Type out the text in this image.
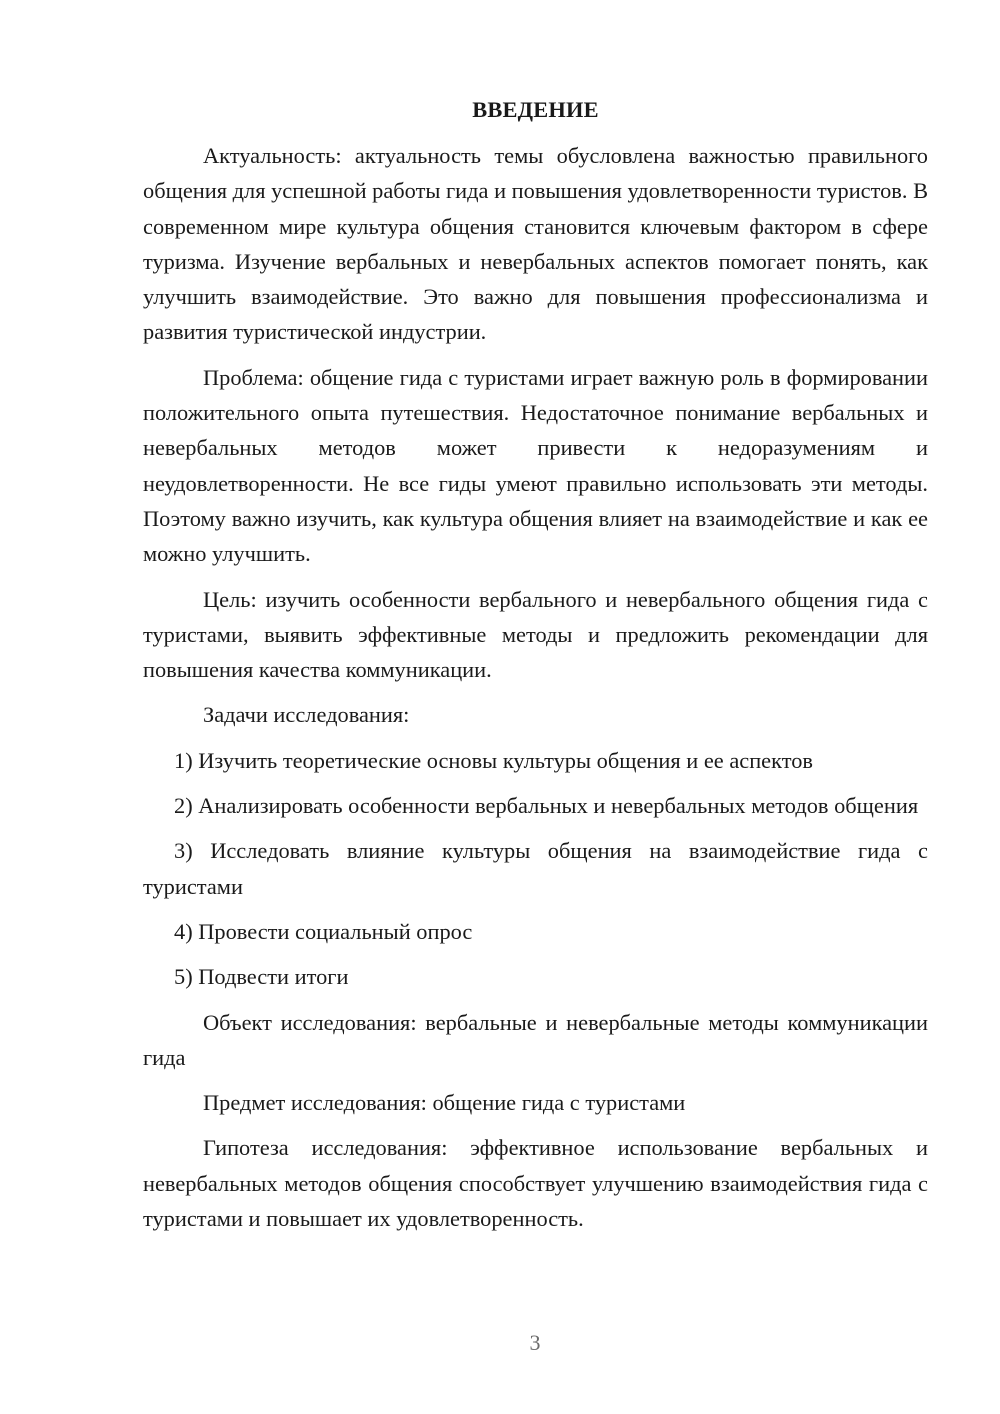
ВВЕДЕНИЕ

Актуальность: актуальность темы обусловлена важностью правильного общения для успешной работы гида и повышения удовлетворенности туристов. В современном мире культура общения становится ключевым фактором в сфере туризма. Изучение вербальных и невербальных аспектов помогает понять, как улучшить взаимодействие. Это важно для повышения профессионализма и развития туристической индустрии.

Проблема: общение гида с туристами играет важную роль в формировании положительного опыта путешествия. Недостаточное понимание вербальных и невербальных методов может привести к недоразумениям и неудовлетворенности. Не все гиды умеют правильно использовать эти методы. Поэтому важно изучить, как культура общения влияет на взаимодействие и как ее можно улучшить.

Цель: изучить особенности вербального и невербального общения гида с туристами, выявить эффективные методы и предложить рекомендации для повышения качества коммуникации.

Задачи исследования:

1) Изучить теоретические основы культуры общения и ее аспектов

2) Анализировать особенности вербальных и невербальных методов общения

3) Исследовать влияние культуры общения на взаимодействие гида с туристами

4) Провести социальный опрос

5) Подвести итоги

Объект исследования: вербальные и невербальные методы коммуникации гида

Предмет исследования: общение гида с туристами

Гипотеза исследования: эффективное использование вербальных и невербальных методов общения способствует улучшению взаимодействия гида с туристами и повышает их удовлетворенность.

3
